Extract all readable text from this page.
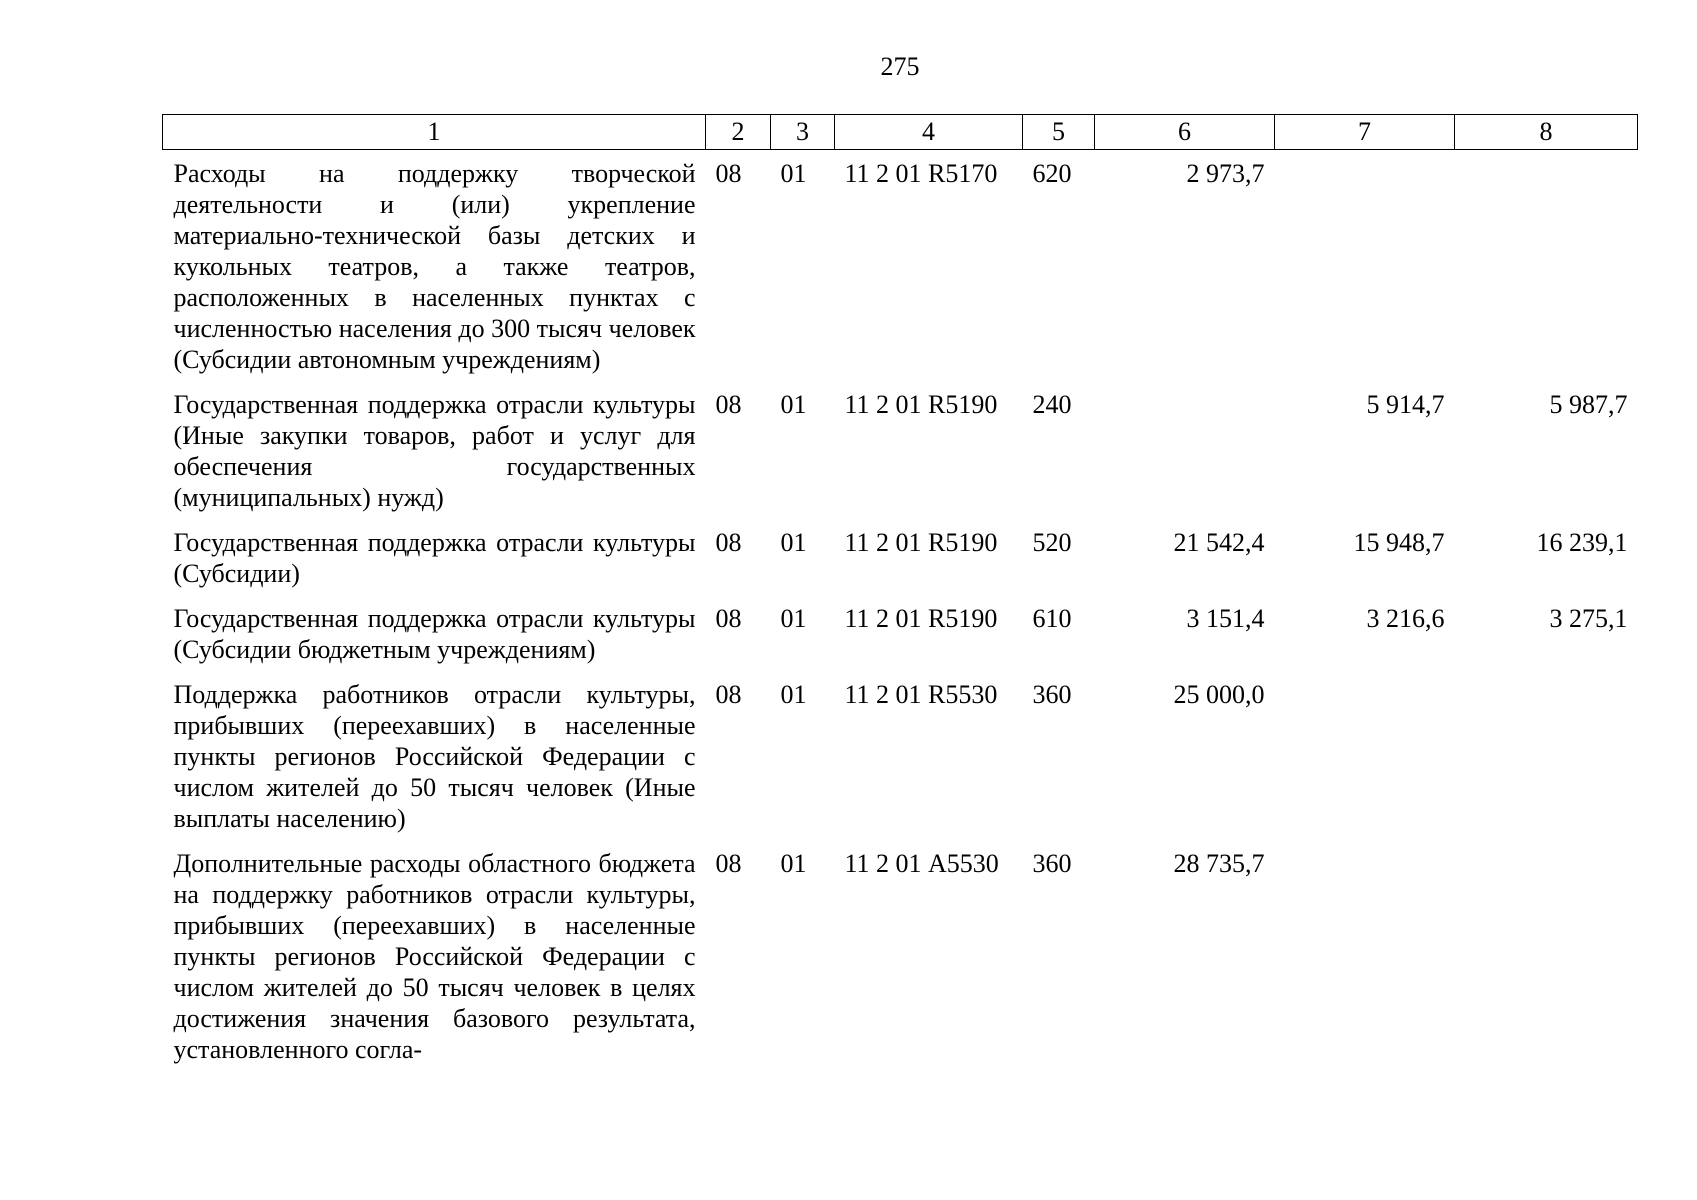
275
1	2	3	4	5	6	7	8
Расходы на поддержку творческой деятельности и (или) укрепление материально-технической базы детских и кукольных театров, а также театров, расположенных в населенных пунктах с численностью населения до 300 тысяч человек (Субсидии автономным учреждениям)	08	01	11 2 01 R5170	620	2 973,7		
Государственная поддержка отрасли культуры (Иные закупки товаров, работ и услуг для обеспечения государственных (муниципальных) нужд)	08	01	11 2 01 R5190	240		5 914,7	5 987,7
Государственная поддержка отрасли культуры (Субсидии)	08	01	11 2 01 R5190	520	21 542,4	15 948,7	16 239,1
Государственная поддержка отрасли культуры (Субсидии бюджетным учреждениям)	08	01	11 2 01 R5190	610	3 151,4	3 216,6	3 275,1
Поддержка работников отрасли культуры, прибывших (переехавших) в населенные пункты регионов Российской Федерации с числом жителей до 50 тысяч человек (Иные выплаты населению)	08	01	11 2 01 R5530	360	25 000,0		
Дополнительные расходы областного бюджета на поддержку работников отрасли культуры, прибывших (переехавших) в населенные пункты регионов Российской Федерации с числом жителей до 50 тысяч человек в целях достижения значения базового результата, установленного согла-	08	01	11 2 01 А5530	360	28 735,7		
